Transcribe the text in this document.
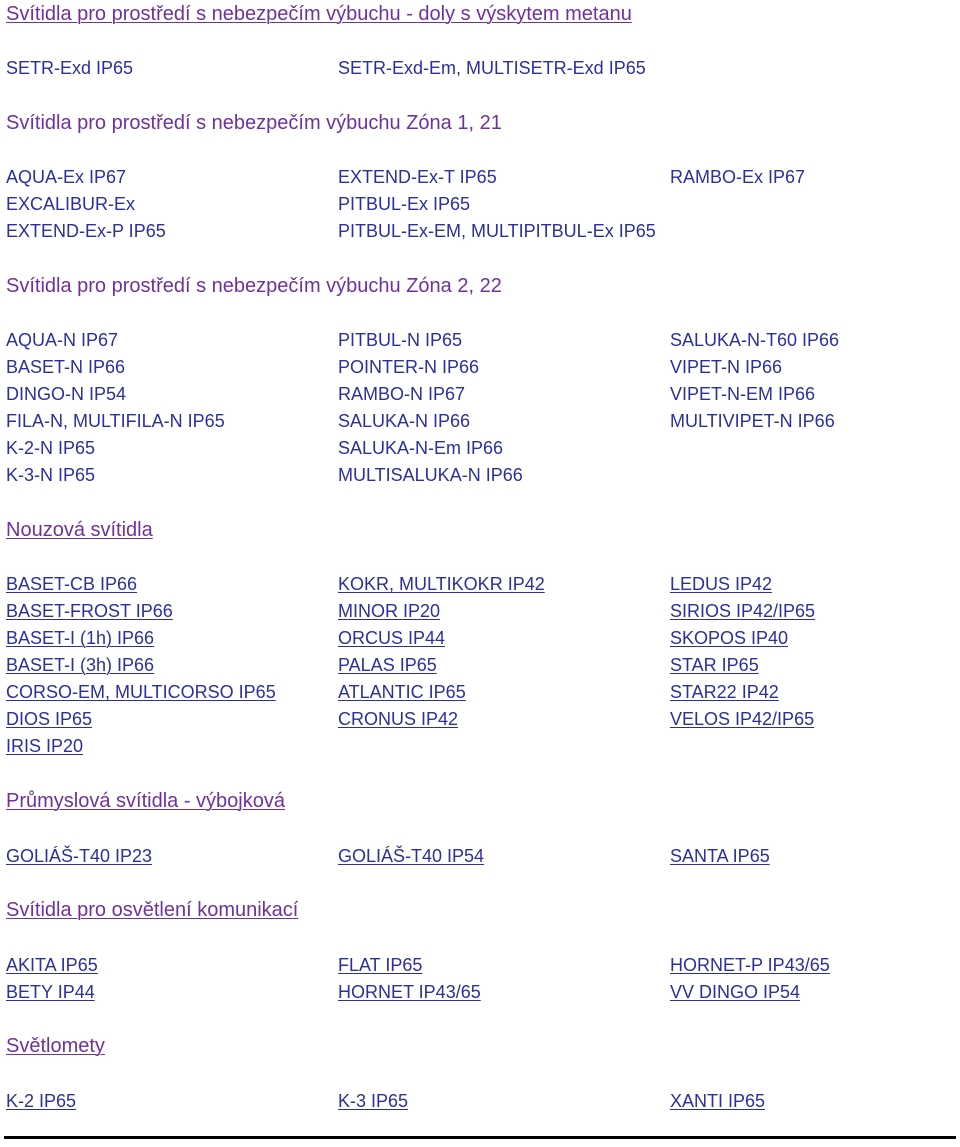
Svítidla pro prostředí s nebezpečím výbuchu - doly s výskytem metanu
SETR-Exd IP65	SETR-Exd-Em, MULTISETR-Exd IP65
Svítidla pro prostředí s nebezpečím výbuchu Zóna 1, 21
AQUA-Ex IP67	EXTEND-Ex-T IP65	RAMBO-Ex IP67
EXCALIBUR-Ex	PITBUL-Ex IP65
EXTEND-Ex-P IP65	PITBUL-Ex-EM, MULTIPITBUL-Ex IP65
Svítidla pro prostředí s nebezpečím výbuchu Zóna 2, 22
AQUA-N IP67	PITBUL-N IP65	SALUKA-N-T60 IP66
BASET-N IP66	POINTER-N IP66	VIPET-N IP66
DINGO-N IP54	RAMBO-N IP67	VIPET-N-EM IP66
FILA-N, MULTIFILA-N IP65	SALUKA-N IP66	MULTIVIPET-N IP66
K-2-N IP65	SALUKA-N-Em IP66
K-3-N IP65	MULTISALUKA-N IP66
Nouzová svítidla
BASET-CB IP66	KOKR, MULTIKOKR IP42	LEDUS IP42
BASET-FROST IP66	MINOR IP20	SIRIOS IP42/IP65
BASET-I (1h) IP66	ORCUS IP44	SKOPOS IP40
BASET-I (3h) IP66	PALAS IP65	STAR IP65
CORSO-EM, MULTICORSO IP65	ATLANTIC IP65	STAR22 IP42
DIOS IP65	CRONUS IP42	VELOS IP42/IP65
IRIS IP20
Průmyslová svítidla - výbojková
GOLIÁŠ-T40 IP23	GOLIÁŠ-T40 IP54	SANTA IP65
Svítidla pro osvětlení komunikací
AKITA IP65	FLAT IP65	HORNET-P IP43/65
BETY IP44	HORNET IP43/65	VV DINGO IP54
Světlomety
K-2 IP65	K-3 IP65	XANTI IP65
